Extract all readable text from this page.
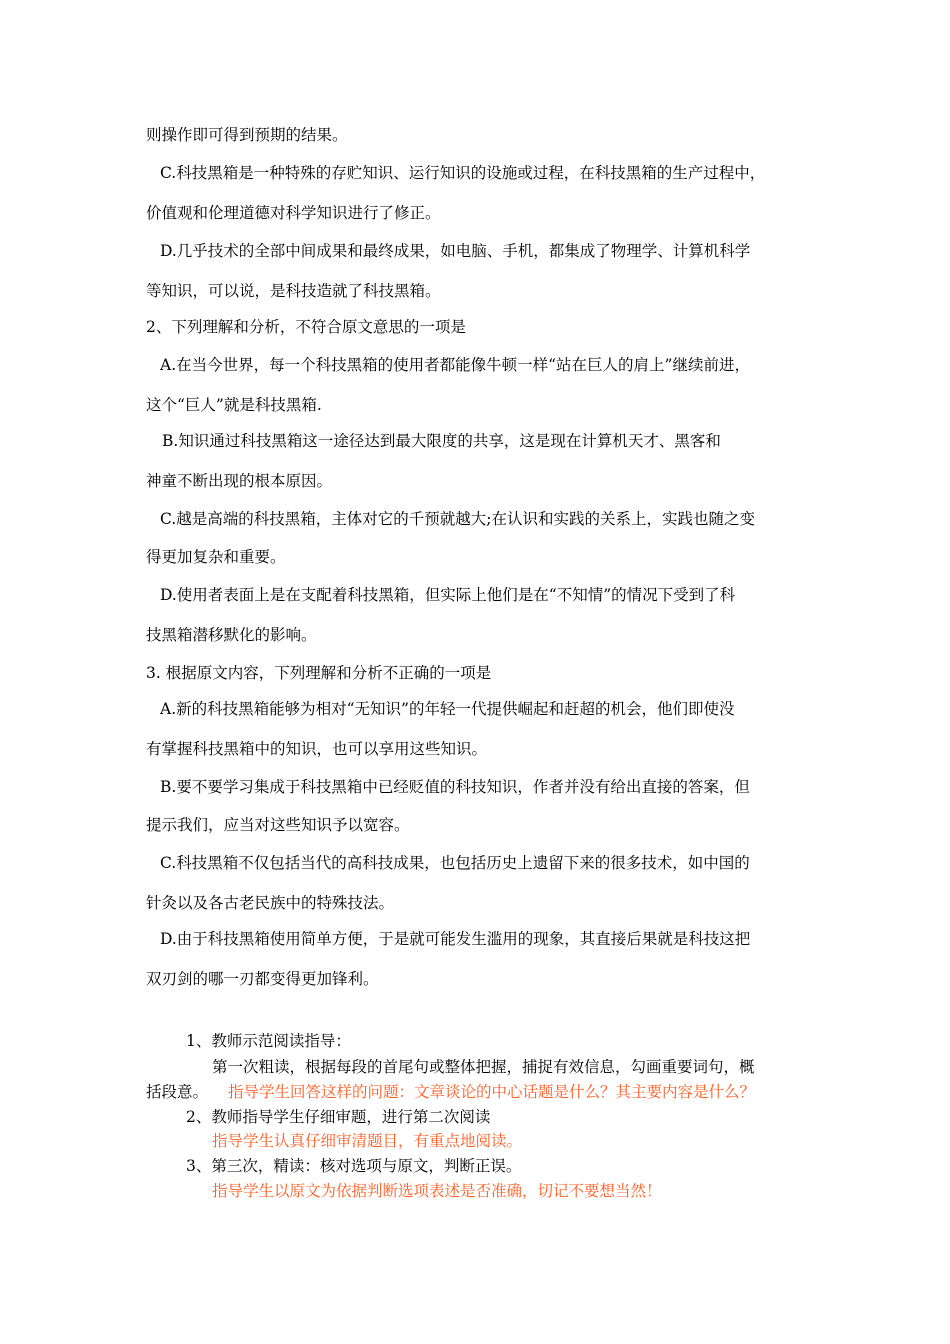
则操作即可得到预期的结果。
C.科技黑箱是一种特殊的存贮知识、运行知识的设施或过程，在科技黑箱的生产过程中，
价值观和伦理道德对科学知识进行了修正。
D.几乎技术的全部中间成果和最终成果，如电脑、手机，都集成了物理学、计算机科学
等知识，可以说，是科技造就了科技黑箱。
2、下列理解和分析，不符合原文意思的一项是
A.在当今世界，每一个科技黑箱的使用者都能像牛顿一样“站在巨人的肩上”继续前进，
这个“巨人”就是科技黑箱.
B.知识通过科技黑箱这一途径达到最大限度的共享，这是现在计算机天才、黑客和
神童不断出现的根本原因。
C.越是高端的科技黑箱，主体对它的千预就越大;在认识和实践的关系上，实践也随之变
得更加复杂和重要。
D.使用者表面上是在支配着科技黑箱，但实际上他们是在“不知情”的情况下受到了科
技黑箱潜移默化的影响。
3. 根据原文内容，下列理解和分析不正确的一项是
A.新的科技黑箱能够为相对“无知识”的年轻一代提供崛起和赶超的机会，他们即使没
有掌握科技黑箱中的知识，也可以享用这些知识。
B.要不要学习集成于科技黑箱中已经贬值的科技知识，作者并没有给出直接的答案，但
提示我们，应当对这些知识予以宽容。
C.科技黑箱不仅包括当代的高科技成果，也包括历史上遗留下来的很多技术，如中国的
针灸以及各古老民族中的特殊技法。
D.由于科技黑箱使用简单方便，于是就可能发生滥用的现象，其直接后果就是科技这把
双刃剑的哪一刃都变得更加锋利。
1、教师示范阅读指导：
第一次粗读，根据每段的首尾句或整体把握，捕捉有效信息，勾画重要词句，概
括段意。 指导学生回答这样的问题：文章谈论的中心话题是什么？其主要内容是什么？
2、教师指导学生仔细审题，进行第二次阅读
指导学生认真仔细审清题目，有重点地阅读。
3、第三次，精读：核对选项与原文，判断正误。
指导学生以原文为依据判断选项表述是否准确，切记不要想当然！
